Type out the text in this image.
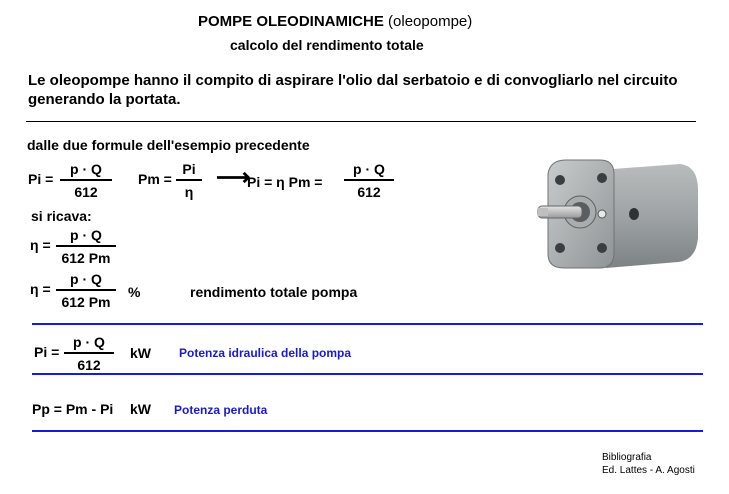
POMPE OLEODINAMICHE (oleopompe)
calcolo del rendimento totale
Le oleopompe hanno il compito di aspirare l'olio dal serbatoio e di convogliarlo nel circuito
generando la portata.
dalle due formule dell'esempio precedente
Pi =
p · Q
612
Pm =
Pi
η
⟶
Pi = η Pm =
p · Q
612
si ricava:
η =
p · Q
612 Pm
η =
p · Q
612 Pm
%	rendimento totale pompa
Pi =
p · Q
612
kW Potenza idraulica della pompa
Pp = Pm - Pi kW Potenza perduta
Bibliografia
Ed. Lattes - A. Agosti
